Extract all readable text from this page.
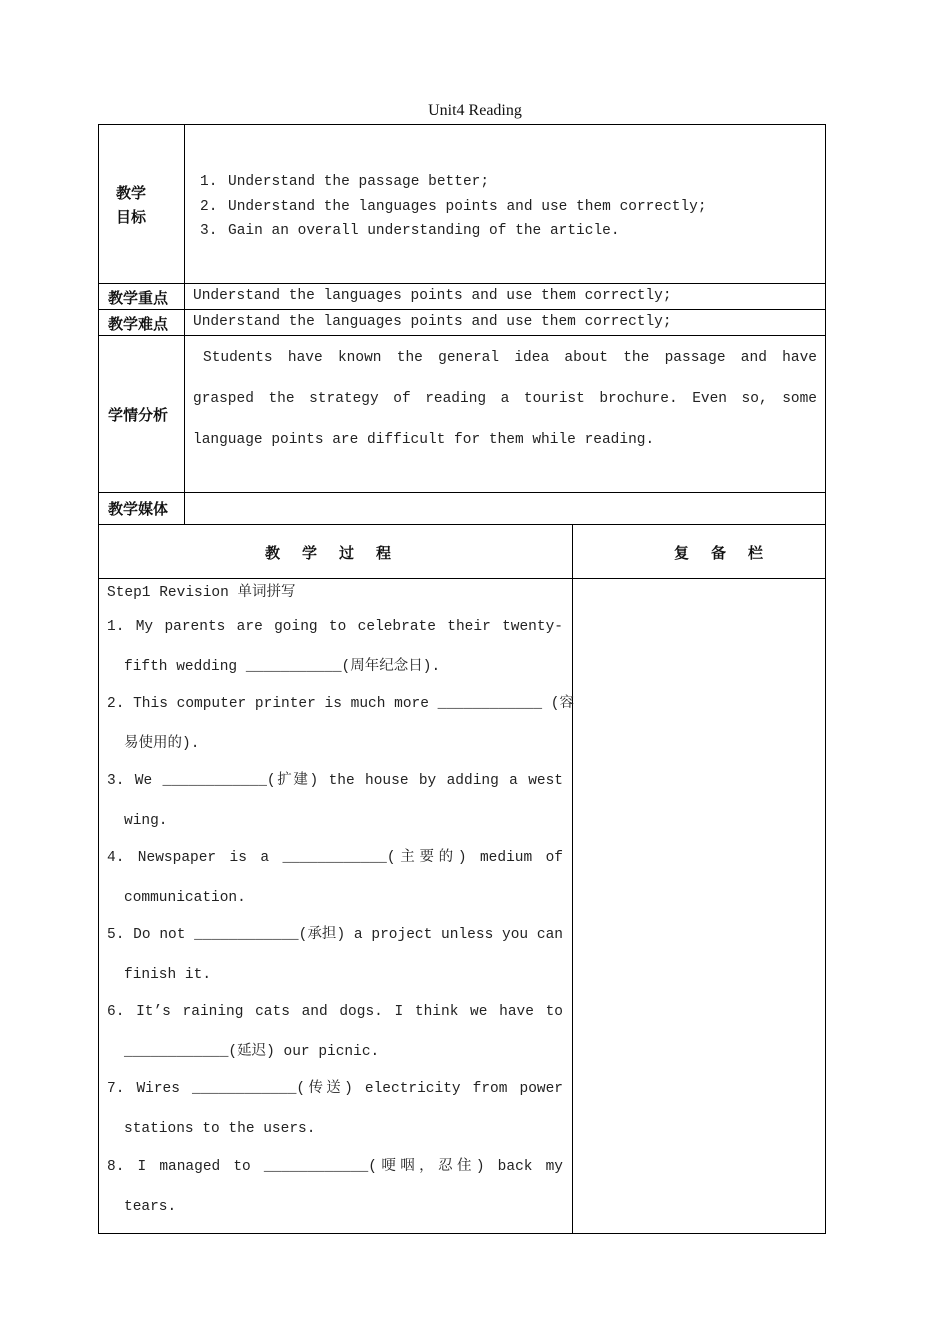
Unit4 Reading
教学
目标
1. Understand the passage better;
2. Understand the languages points and use them correctly;
3. Gain an overall understanding of the article.
教学重点 Understand the languages points and use them correctly;
教学难点 Understand the languages points and use them correctly;
学情分析
Students have known the general idea about the passage and have grasped the strategy of reading a tourist brochure. Even so, some language points are difficult for them while reading.
教学媒体
教学过程	复备栏
Step1 Revision 单词拼写
1. My parents are going to celebrate their twenty-
fifth wedding ___________(周年纪念日).
2. This computer printer is much more ____________ (容
易使用的).
3. We ____________(扩建) the house by adding a west
wing.
4. Newspaper is a ____________(主要的) medium of
communication.
5. Do not ____________(承担) a project unless you can
finish it.
6. It’s raining cats and dogs. I think we have to
____________(延迟) our picnic.
7. Wires ____________(传送) electricity from power
stations to the users.
8. I managed to ____________(哽咽，忍住) back my
tears.
